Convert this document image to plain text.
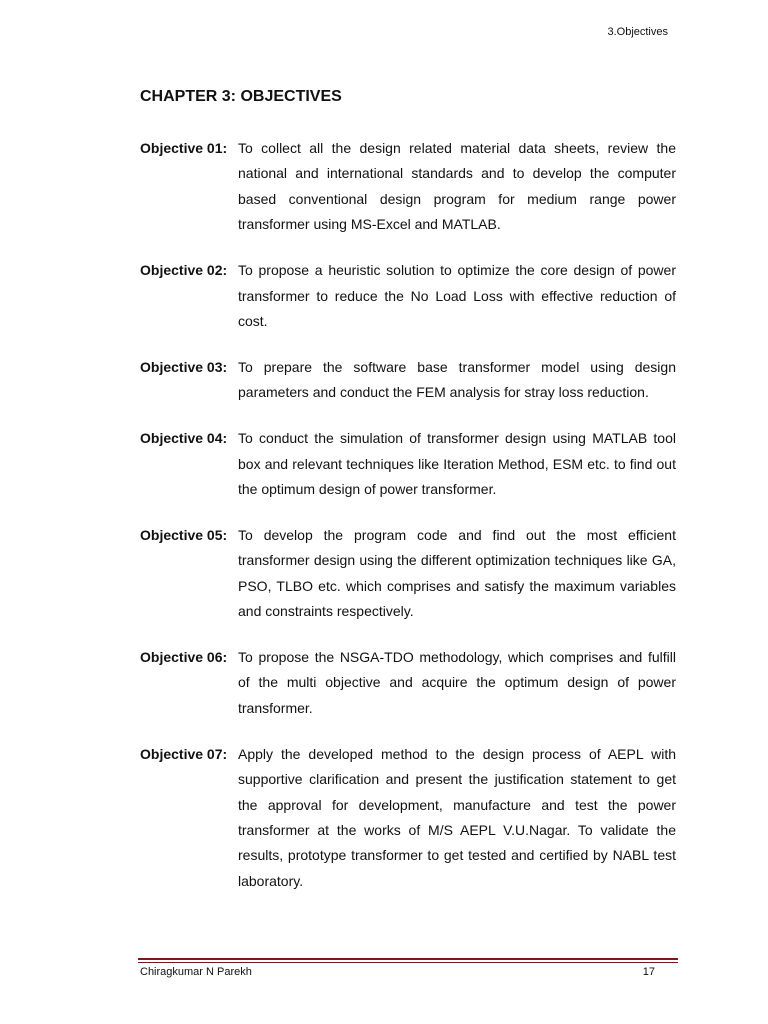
3.Objectives
CHAPTER 3: OBJECTIVES
Objective 01: To collect all the design related material data sheets, review the national and international standards and to develop the computer based conventional design program for medium range power transformer using MS-Excel and MATLAB.
Objective 02: To propose a heuristic solution to optimize the core design of power transformer to reduce the No Load Loss with effective reduction of cost.
Objective 03: To prepare the software base transformer model using design parameters and conduct the FEM analysis for stray loss reduction.
Objective 04: To conduct the simulation of transformer design using MATLAB tool box and relevant techniques like Iteration Method, ESM etc. to find out the optimum design of power transformer.
Objective 05: To develop the program code and find out the most efficient transformer design using the different optimization techniques like GA, PSO, TLBO etc. which comprises and satisfy the maximum variables and constraints respectively.
Objective 06: To propose the NSGA-TDO methodology, which comprises and fulfill of the multi objective and acquire the optimum design of power transformer.
Objective 07: Apply the developed method to the design process of AEPL with supportive clarification and present the justification statement to get the approval for development, manufacture and test the power transformer at the works of M/S AEPL V.U.Nagar. To validate the results, prototype transformer to get tested and certified by NABL test laboratory.
Chiragkumar N Parekh	17
